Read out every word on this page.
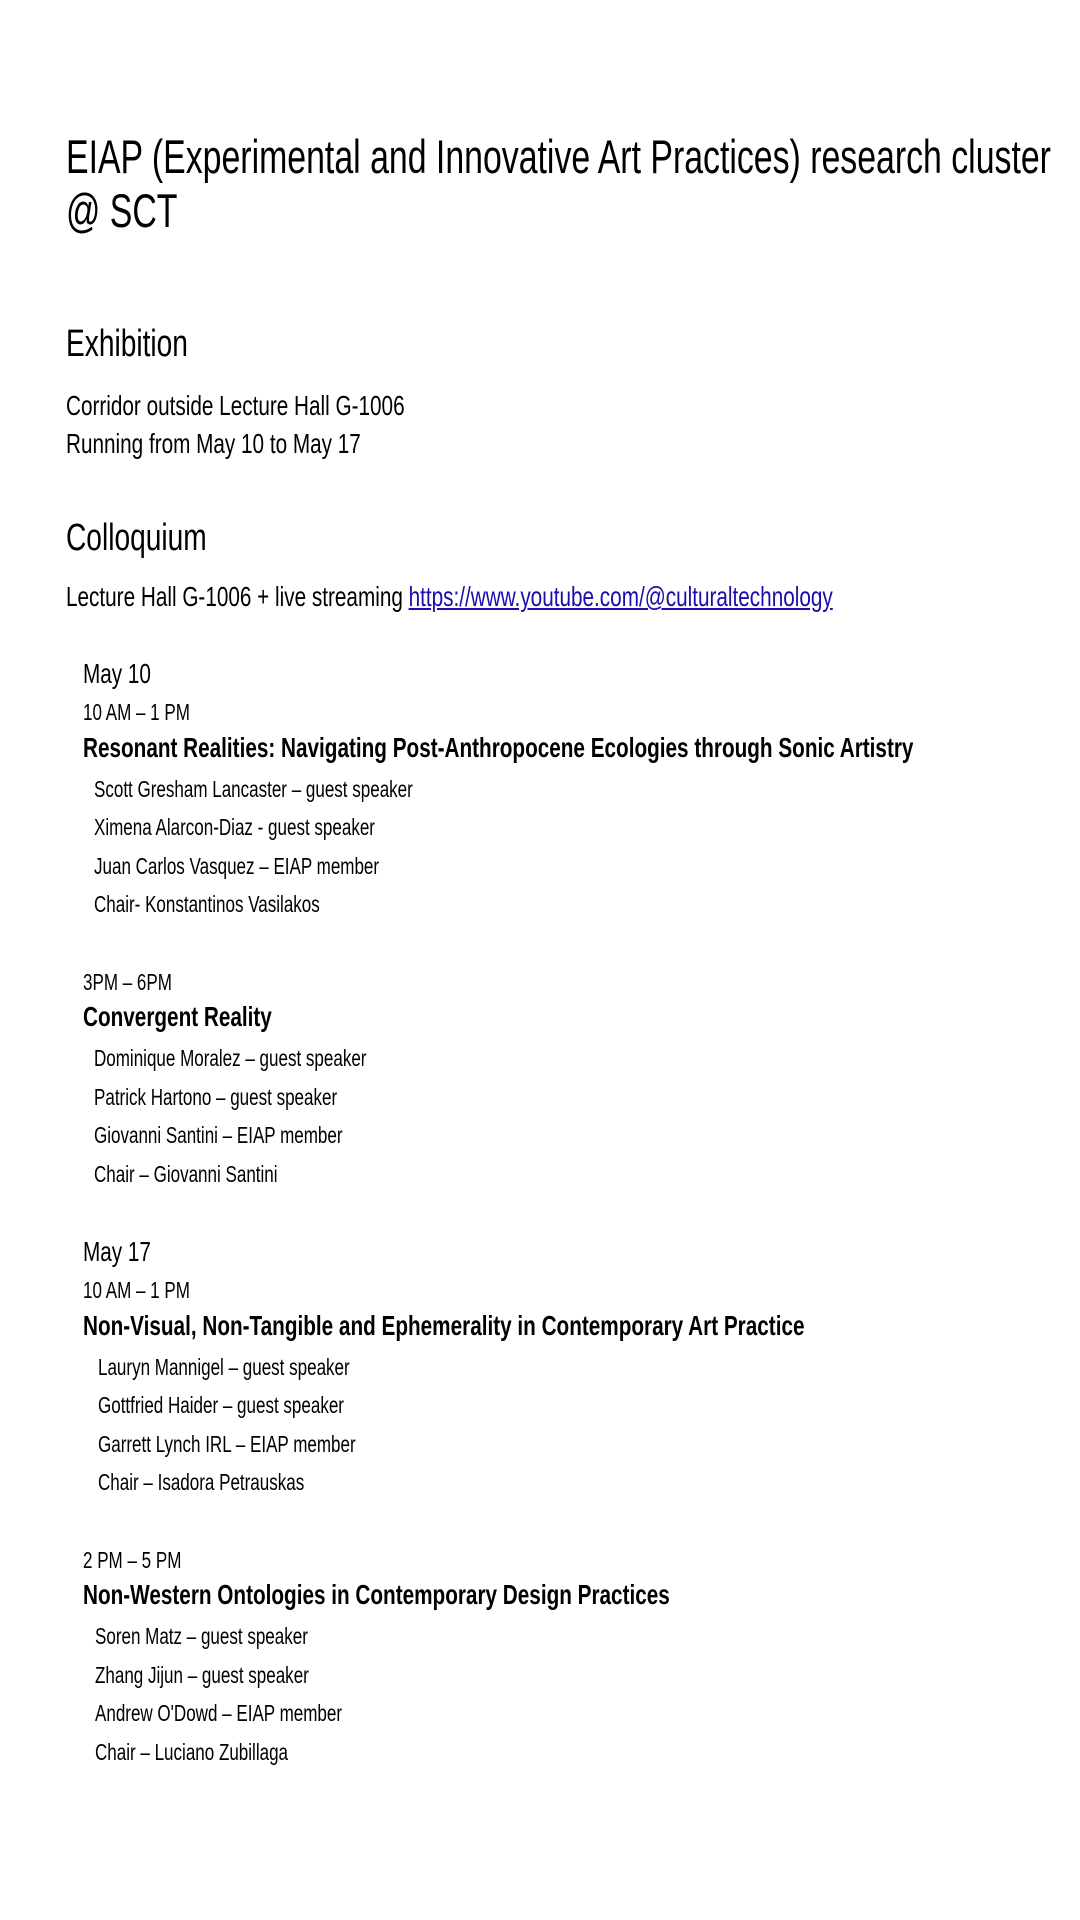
EIAP (Experimental and Innovative Art Practices) research cluster @ SCT
Exhibition

Corridor outside Lecture Hall G-1006

Running from May 10 to May 17

Colloquium

Lecture Hall G-1006 + live streaming https://www.youtube.com/@culturaltechnology

May 10
10 AM – 1 PM
Resonant Realities: Navigating Post-Anthropocene Ecologies through Sonic Artistry
Scott Gresham Lancaster – guest speaker
Ximena Alarcon-Diaz - guest speaker
Juan Carlos Vasquez – EIAP member
Chair- Konstantinos Vasilakos
3PM – 6PM
Convergent Reality
Dominique Moralez – guest speaker
Patrick Hartono – guest speaker
Giovanni Santini – EIAP member
Chair – Giovanni Santini
May 17
10 AM – 1 PM
Non-Visual, Non-Tangible and Ephemerality in Contemporary Art Practice
Lauryn Mannigel – guest speaker
Gottfried Haider – guest speaker
Garrett Lynch IRL – EIAP member
Chair – Isadora Petrauskas
2 PM – 5 PM
Non-Western Ontologies in Contemporary Design Practices
Soren Matz – guest speaker
Zhang Jijun – guest speaker
Andrew O'Dowd – EIAP member
Chair – Luciano Zubillaga
